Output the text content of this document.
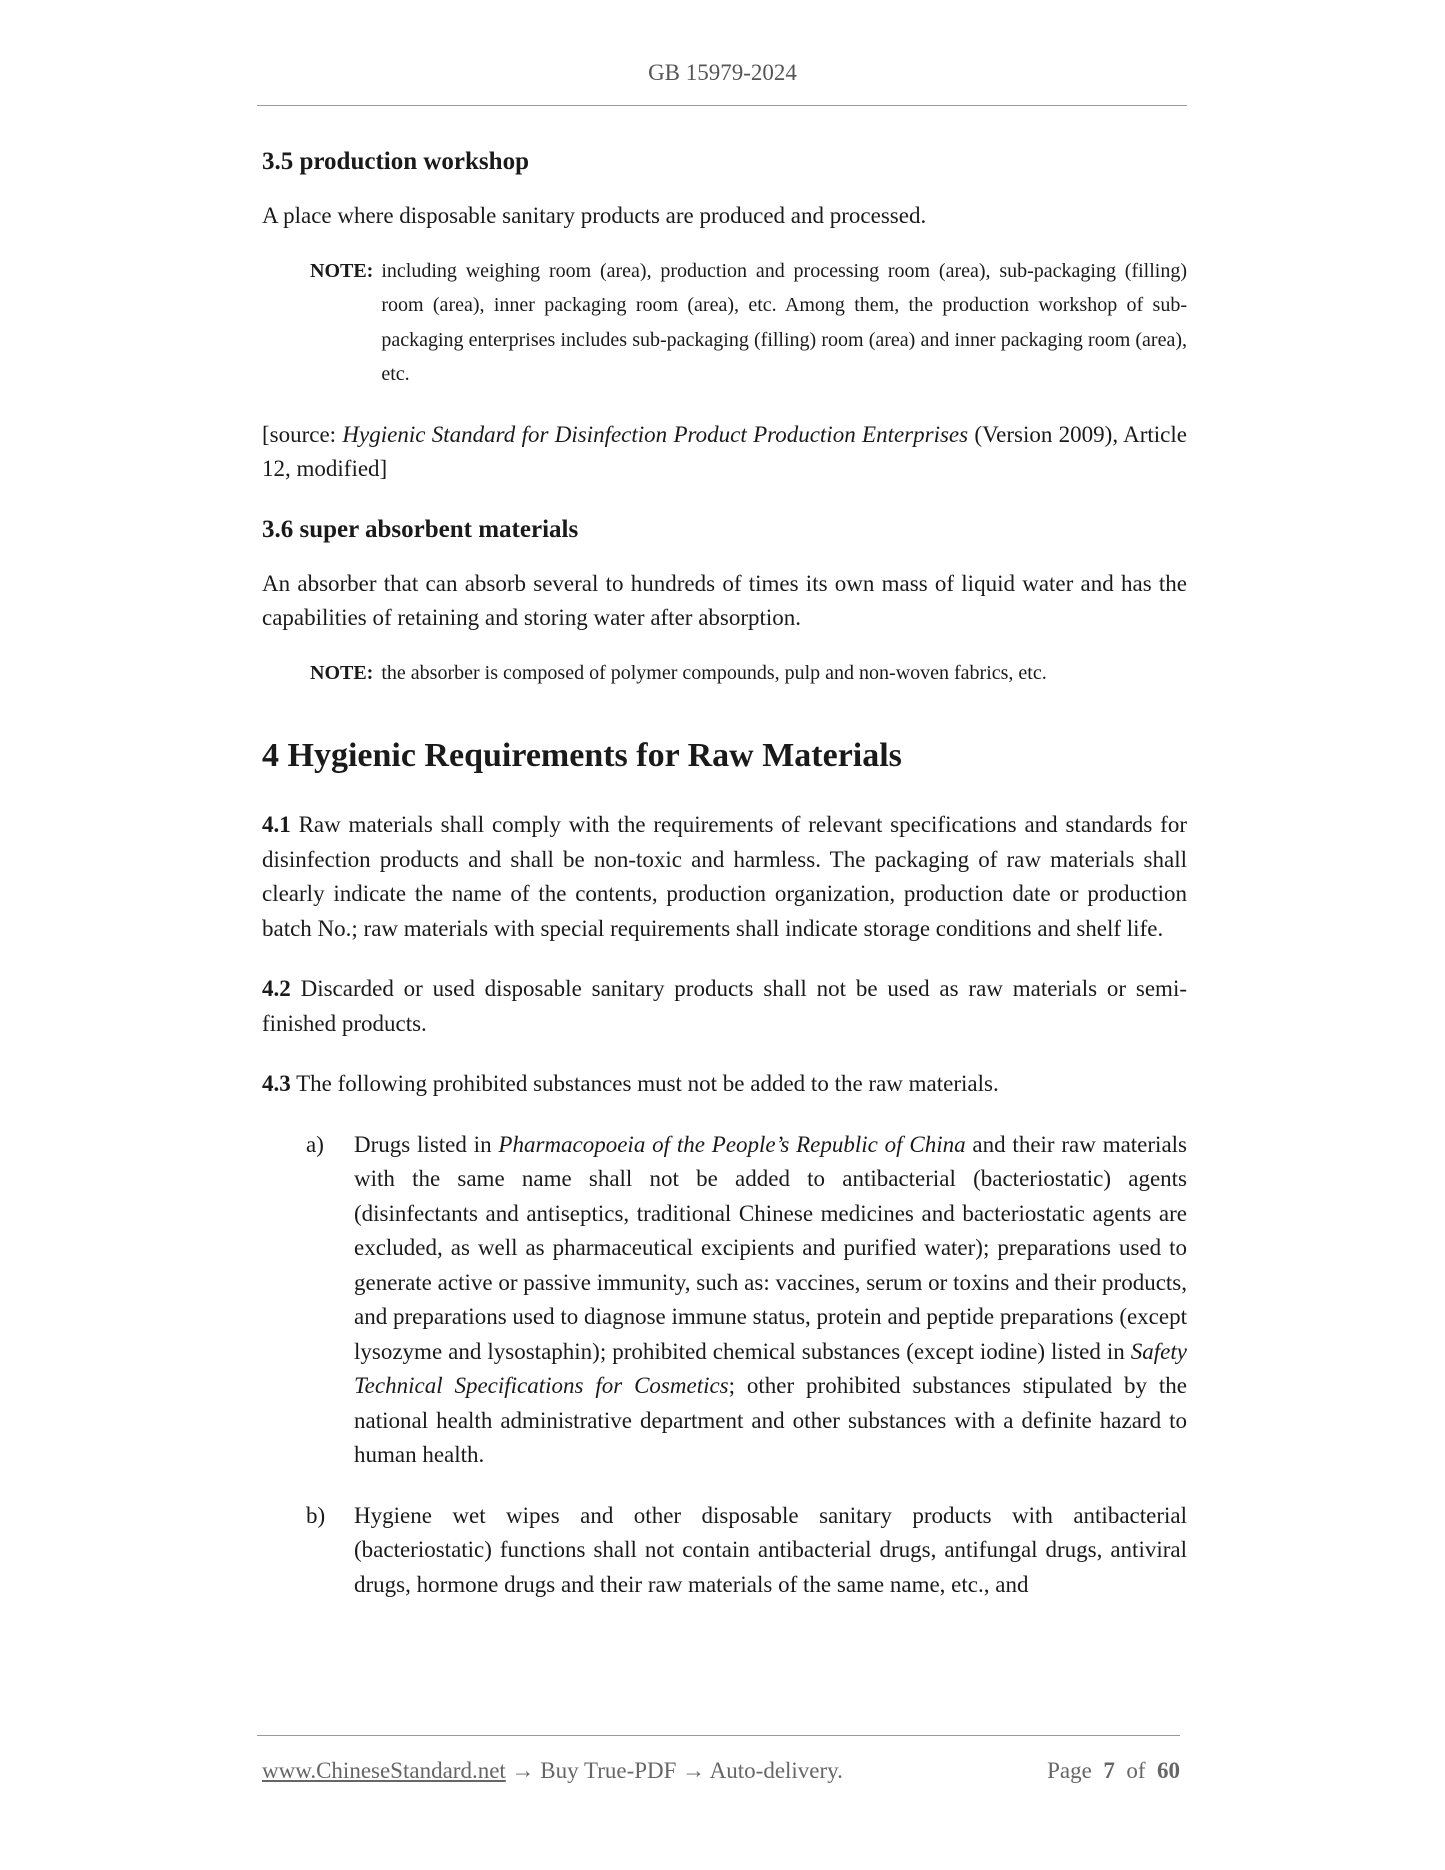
GB 15979-2024
3.5 production workshop
A place where disposable sanitary products are produced and processed.
NOTE: including weighing room (area), production and processing room (area), sub-packaging (filling) room (area), inner packaging room (area), etc. Among them, the production workshop of sub-packaging enterprises includes sub-packaging (filling) room (area) and inner packaging room (area), etc.
[source: Hygienic Standard for Disinfection Product Production Enterprises (Version 2009), Article 12, modified]
3.6 super absorbent materials
An absorber that can absorb several to hundreds of times its own mass of liquid water and has the capabilities of retaining and storing water after absorption.
NOTE: the absorber is composed of polymer compounds, pulp and non-woven fabrics, etc.
4 Hygienic Requirements for Raw Materials
4.1 Raw materials shall comply with the requirements of relevant specifications and standards for disinfection products and shall be non-toxic and harmless. The packaging of raw materials shall clearly indicate the name of the contents, production organization, production date or production batch No.; raw materials with special requirements shall indicate storage conditions and shelf life.
4.2 Discarded or used disposable sanitary products shall not be used as raw materials or semi-finished products.
4.3 The following prohibited substances must not be added to the raw materials.
a)	Drugs listed in Pharmacopoeia of the People’s Republic of China and their raw materials with the same name shall not be added to antibacterial (bacteriostatic) agents (disinfectants and antiseptics, traditional Chinese medicines and bacteriostatic agents are excluded, as well as pharmaceutical excipients and purified water); preparations used to generate active or passive immunity, such as: vaccines, serum or toxins and their products, and preparations used to diagnose immune status, protein and peptide preparations (except lysozyme and lysostaphin); prohibited chemical substances (except iodine) listed in Safety Technical Specifications for Cosmetics; other prohibited substances stipulated by the national health administrative department and other substances with a definite hazard to human health.
b)	Hygiene wet wipes and other disposable sanitary products with antibacterial (bacteriostatic) functions shall not contain antibacterial drugs, antifungal drugs, antiviral drugs, hormone drugs and their raw materials of the same name, etc., and
www.ChineseStandard.net → Buy True-PDF → Auto-delivery.	Page 7 of 60
